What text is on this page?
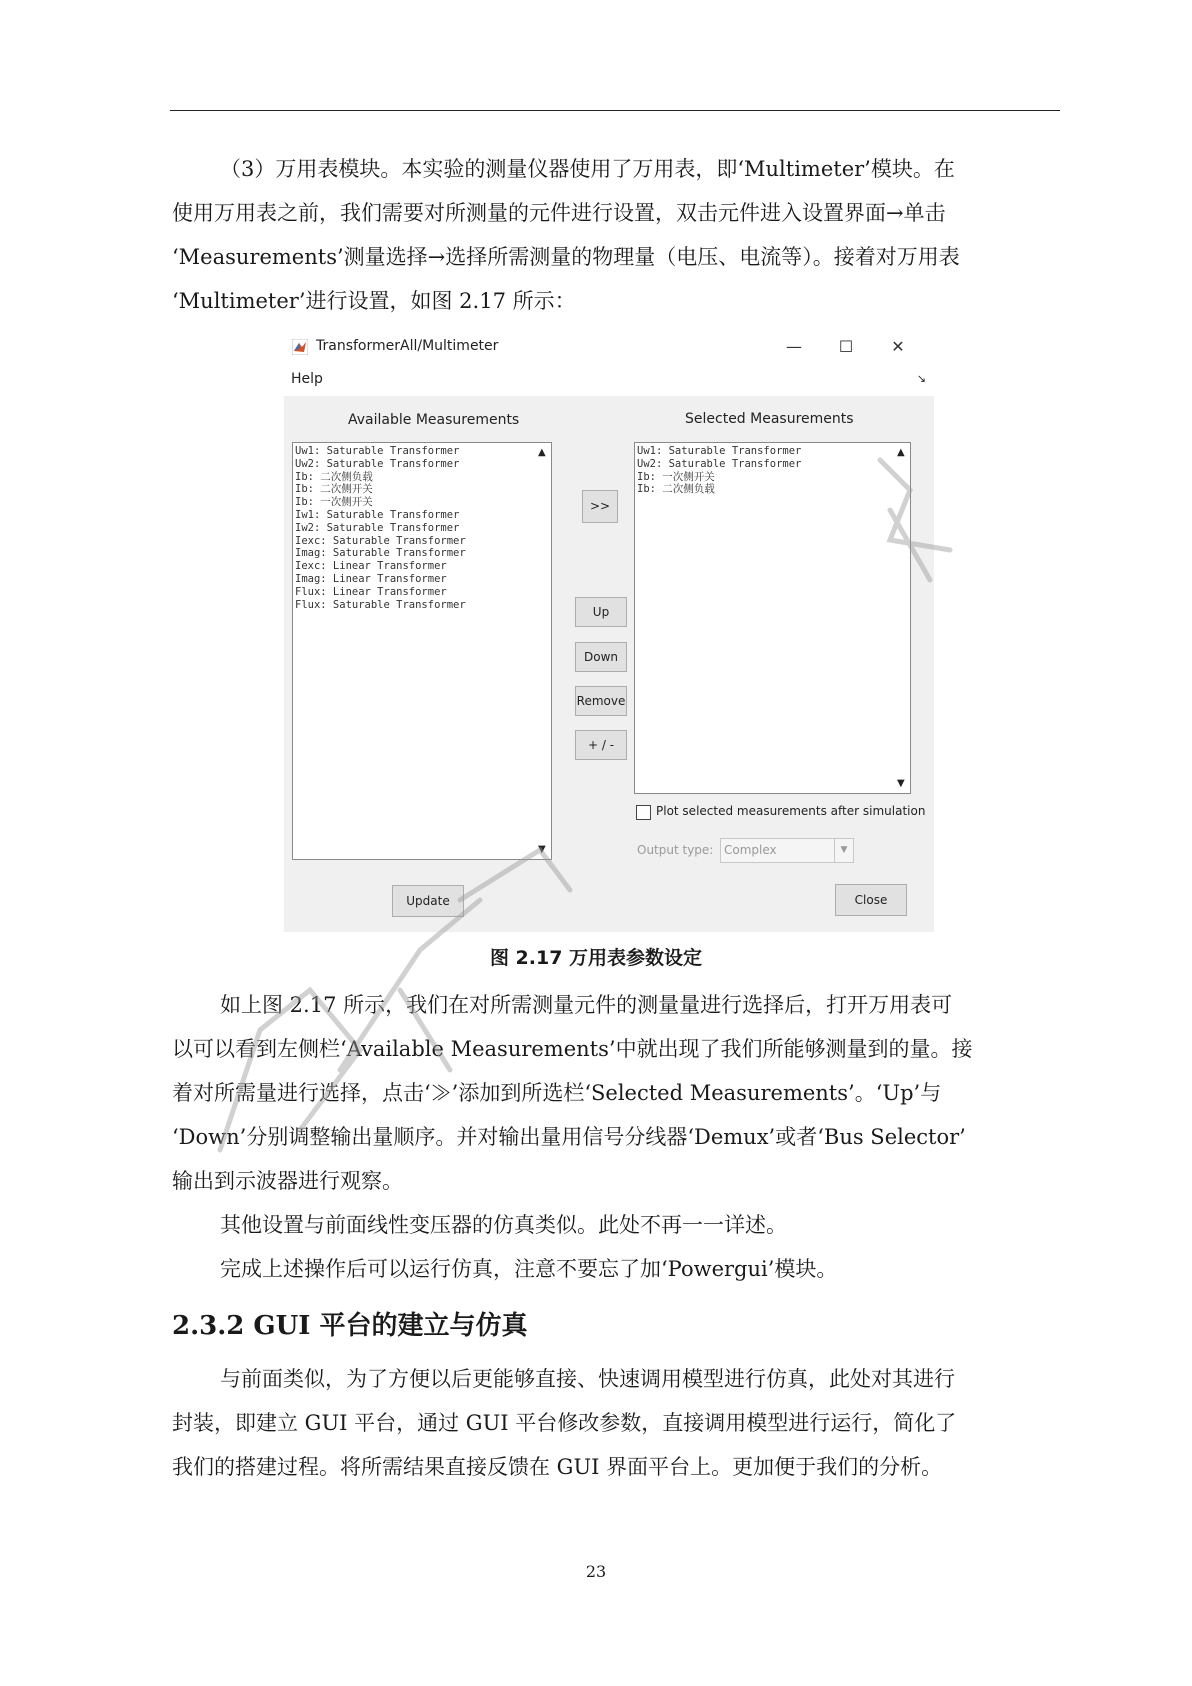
（3）万用表模块。本实验的测量仪器使用了万用表，即‘Multimeter’模块。在

使用万用表之前，我们需要对所测量的元件进行设置，双击元件进入设置界面→单击

‘Measurements’测量选择→选择所需测量的物理量（电压、电流等）。接着对万用表

‘Multimeter’进行设置，如图 2.17 所示：

TransformerAll/Multimeter	—	☐	✕
Help	↘
Available Measurements	Selected Measurements
Uw1: Saturable Transformer
Uw2: Saturable Transformer
Ib: 二次侧负载
Ib: 二次侧开关
Ib: 一次侧开关
Iw1: Saturable Transformer
Iw2: Saturable Transformer
Iexc: Saturable Transformer
Imag: Saturable Transformer
Iexc: Linear Transformer
Imag: Linear Transformer
Flux: Linear Transformer
Flux: Saturable Transformer
▲
▼
Uw1: Saturable Transformer
Uw2: Saturable Transformer
Ib: 一次侧开关
Ib: 二次侧负载
▲
▼
>>
Up
Down
Remove
+ / -
Plot selected measurements after simulation
Output type: Complex	▼
Update	Close
图 2.17 万用表参数设定

如上图 2.17 所示，我们在对所需测量元件的测量量进行选择后，打开万用表可

以可以看到左侧栏‘Available Measurements’中就出现了我们所能够测量到的量。接

着对所需量进行选择，点击‘≫’添加到所选栏‘Selected Measurements’。‘Up’与

‘Down’分别调整输出量顺序。并对输出量用信号分线器‘Demux’或者‘Bus Selector’

输出到示波器进行观察。

其他设置与前面线性变压器的仿真类似。此处不再一一详述。

完成上述操作后可以运行仿真，注意不要忘了加‘Powergui’模块。

2.3.2 GUI 平台的建立与仿真

与前面类似，为了方便以后更能够直接、快速调用模型进行仿真，此处对其进行

封装，即建立 GUI 平台，通过 GUI 平台修改参数，直接调用模型进行运行，简化了

我们的搭建过程。将所需结果直接反馈在 GUI 界面平台上。更加便于我们的分析。

23
